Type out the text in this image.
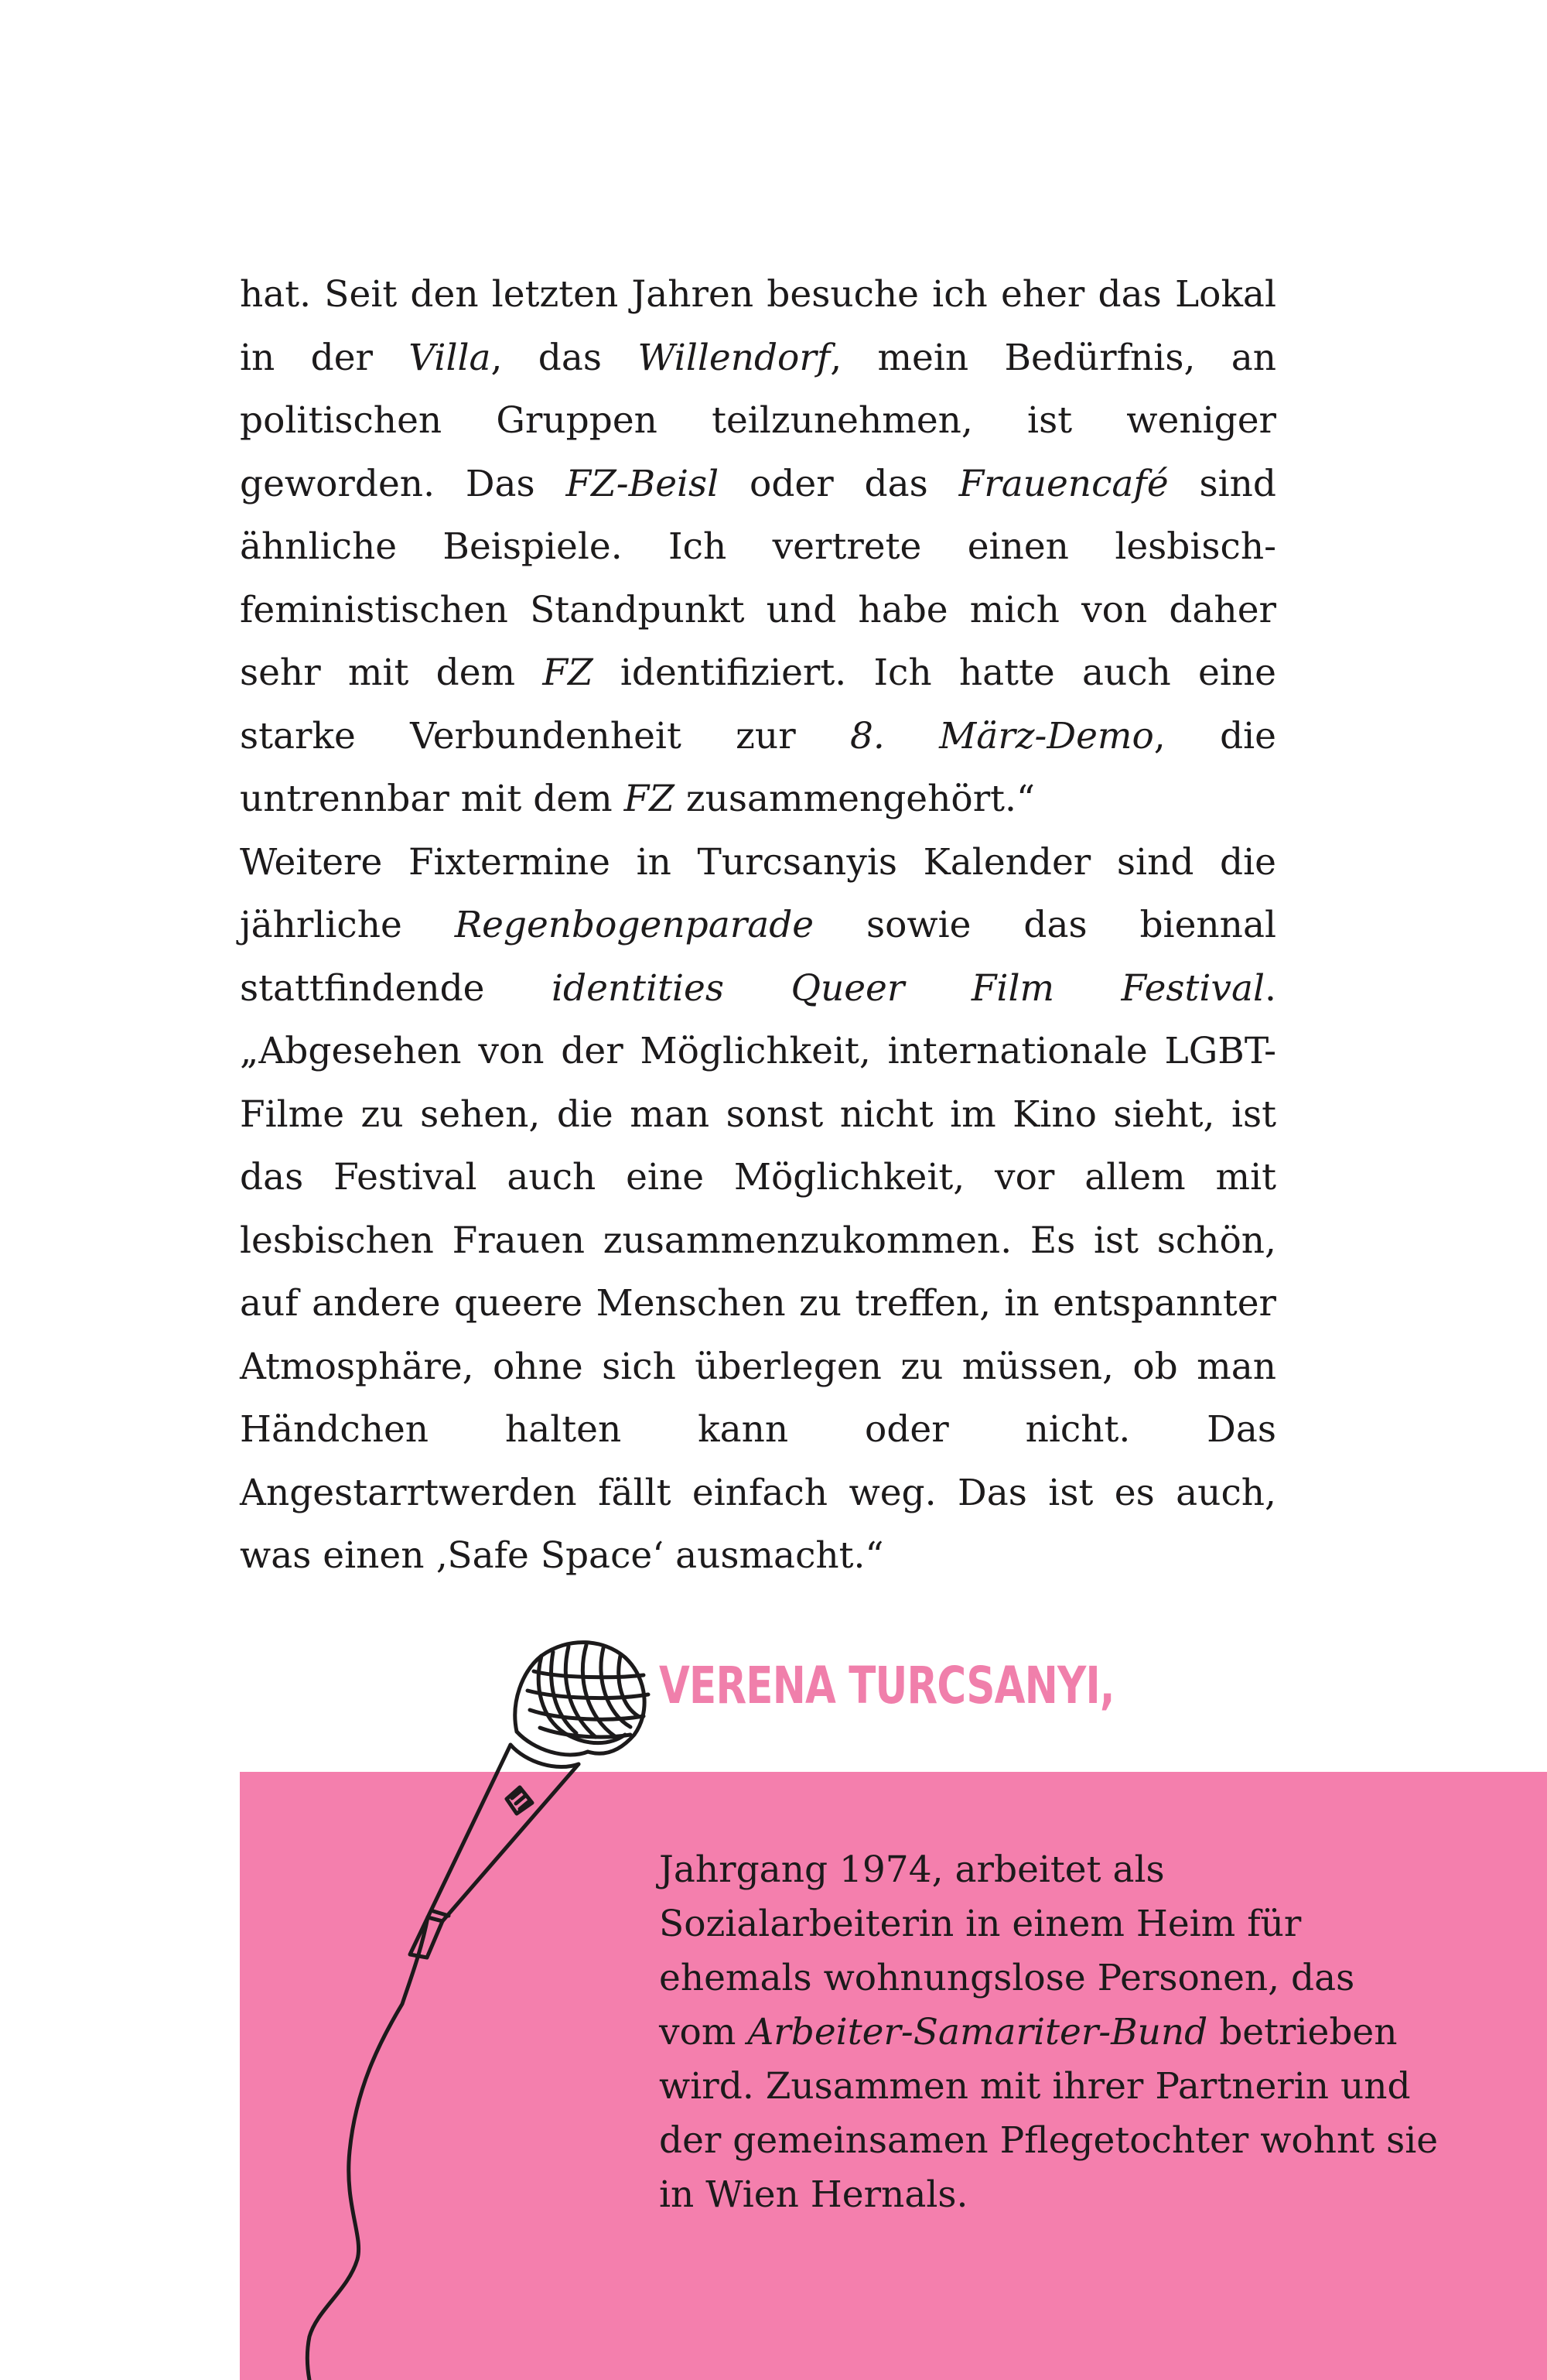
hat. Seit den letzten Jahren besuche ich eher das Lokal in der Villa, das Willendorf, mein Bedürfnis, an politischen Gruppen teilzunehmen, ist weniger geworden. Das FZ-Beisl oder das Frauencafé sind ähnliche Beispiele. Ich vertrete einen lesbisch-feministischen Standpunkt und habe mich von daher sehr mit dem FZ identifiziert. Ich hatte auch eine starke Verbundenheit zur 8. März-Demo, die untrennbar mit dem FZ zusammengehört.“

Weitere Fixtermine in Turcsanyis Kalender sind die jährliche Regenbogenparade sowie das biennal stattfindende identities Queer Film Festival. „Abgesehen von der Möglichkeit, internationale LGBT-Filme zu sehen, die man sonst nicht im Kino sieht, ist das Festival auch eine Möglichkeit, vor allem mit lesbischen Frauen zusammenzukommen. Es ist schön, auf andere queere Menschen zu treffen, in entspannter Atmosphäre, ohne sich überlegen zu müssen, ob man Händchen halten kann oder nicht. Das Angestarrtwerden fällt einfach weg. Das ist es auch, was einen ‚Safe Space‘ ausmacht.“

VERENA TURCSANYI,

Jahrgang 1974, arbeitet als Sozialarbeiterin in einem Heim für ehemals wohnungslose Personen, das vom Arbeiter-Samariter-Bund betrieben wird. Zusammen mit ihrer Partnerin und der gemeinsamen Pflegetochter wohnt sie in Wien Hernals.
